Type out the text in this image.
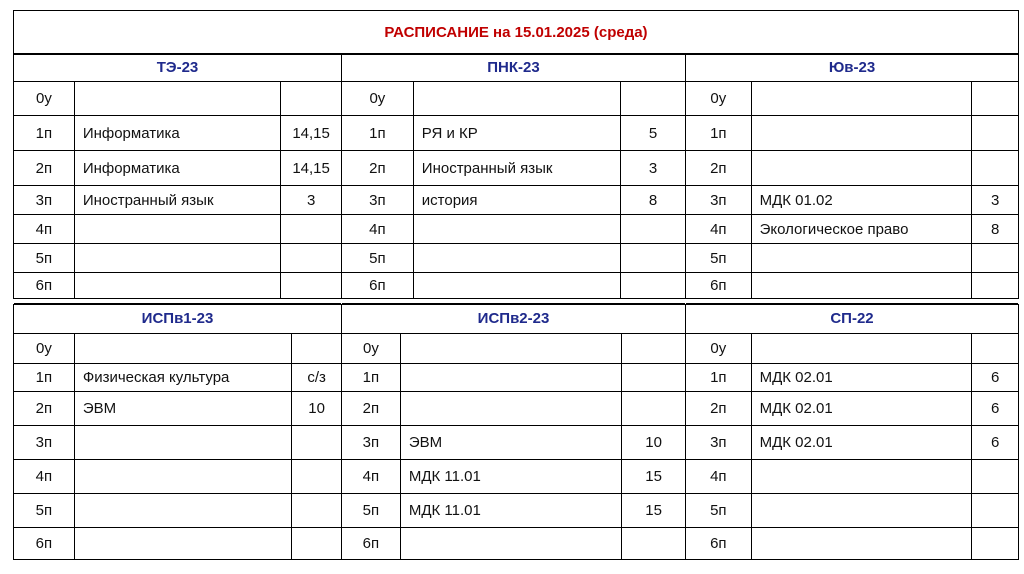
РАСПИСАНИЕ на 15.01.2025 (среда)
ТЭ-23
0у
1п	Информатика	14,15
2п	Информатика	14,15
3п	Иностранный язык	3
4п
5п
6п
ПНК-23
0у
1п	РЯ и КР	5
2п	Иностранный язык	3
3п	история	8
4п
5п
6п
Юв-23
0у
1п
2п
3п	МДК 01.02	3
4п	Экологическое право	8
5п
6п
ИСПв1-23
0у
1п	Физическая культура	с/з
2п	ЭВМ	10
3п
4п
5п
6п
ИСПв2-23
0у
1п
2п
3п	ЭВМ	10
4п	МДК 11.01	15
5п	МДК 11.01	15
6п
СП-22
0у
1п	МДК 02.01	6
2п	МДК 02.01	6
3п	МДК 02.01	6
4п
5п
6п
